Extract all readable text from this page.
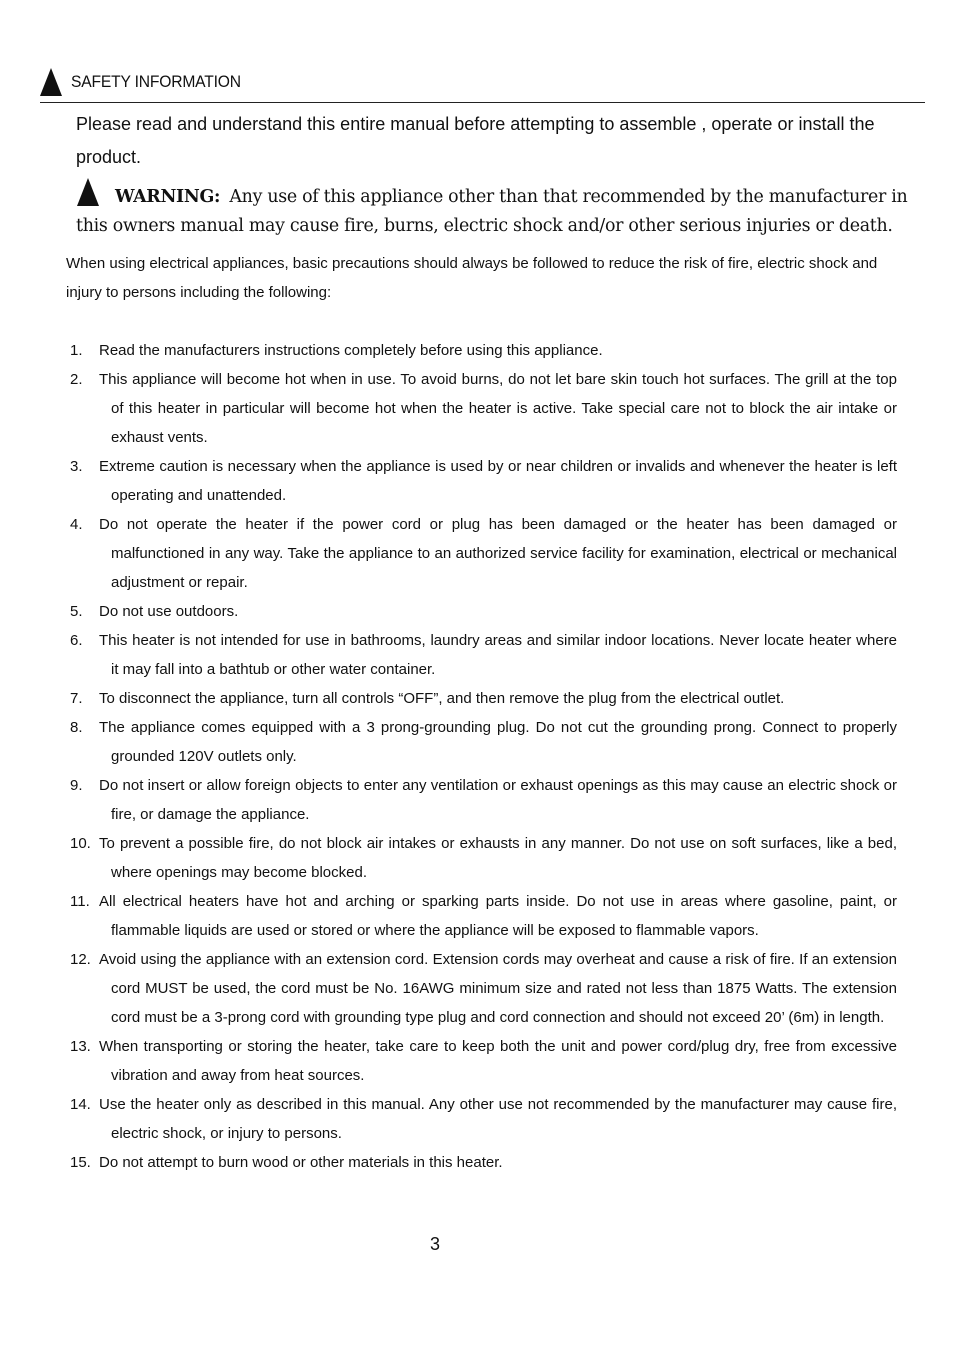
SAFETY INFORMATION
Please read and understand this entire manual before attempting to assemble , operate or install the product.
WARNING: Any use of this appliance other than that recommended by the manufacturer in this owners manual may cause fire, burns, electric shock and/or other serious injuries or death.
When using electrical appliances, basic precautions should always be followed to reduce the risk of fire, electric shock and injury to persons including the following:
1. Read the manufacturers instructions completely before using this appliance.
2. This appliance will become hot when in use. To avoid burns, do not let bare skin touch hot surfaces. The grill at the top of this heater in particular will become hot when the heater is active. Take special care not to block the air intake or exhaust vents.
3. Extreme caution is necessary when the appliance is used by or near children or invalids and whenever the heater is left operating and unattended.
4. Do not operate the heater if the power cord or plug has been damaged or the heater has been damaged or malfunctioned in any way. Take the appliance to an authorized service facility for examination, electrical or mechanical adjustment or repair.
5. Do not use outdoors.
6. This heater is not intended for use in bathrooms, laundry areas and similar indoor locations. Never locate heater where it may fall into a bathtub or other water container.
7. To disconnect the appliance, turn all controls “OFF”, and then remove the plug from the electrical outlet.
8. The appliance comes equipped with a 3 prong-grounding plug. Do not cut the grounding prong. Connect to properly grounded 120V outlets only.
9. Do not insert or allow foreign objects to enter any ventilation or exhaust openings as this may cause an electric shock or fire, or damage the appliance.
10. To prevent a possible fire, do not block air intakes or exhausts in any manner. Do not use on soft surfaces, like a bed, where openings may become blocked.
11. All electrical heaters have hot and arching or sparking parts inside. Do not use in areas where gasoline, paint, or flammable liquids are used or stored or where the appliance will be exposed to flammable vapors.
12. Avoid using the appliance with an extension cord. Extension cords may overheat and cause a risk of fire. If an extension cord MUST be used, the cord must be No. 16AWG minimum size and rated not less than 1875 Watts. The extension cord must be a 3-prong cord with grounding type plug and cord connection and should not exceed 20’ (6m) in length.
13. When transporting or storing the heater, take care to keep both the unit and power cord/plug dry, free from excessive vibration and away from heat sources.
14. Use the heater only as described in this manual. Any other use not recommended by the manufacturer may cause fire, electric shock, or injury to persons.
15. Do not attempt to burn wood or other materials in this heater.
3
